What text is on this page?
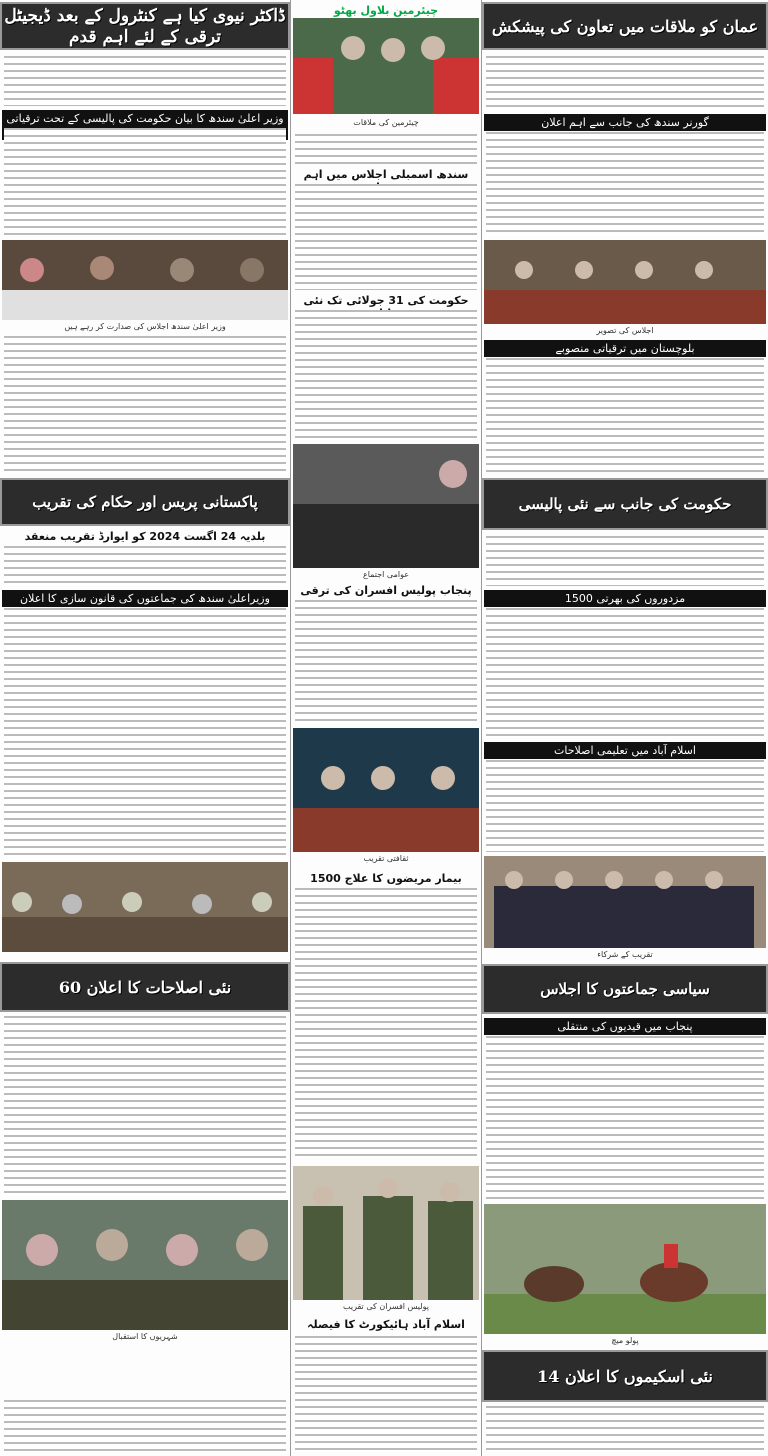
ڈاکٹر نیوی کیا ہے کنٹرول کے بعد ڈیجیٹل ترقی کے لئے اہم قدم
وزیر اعلیٰ سندھ کا بیان حکومت کی پالیسی کے تحت ترقیاتی
وزیر اعلیٰ سندھ اجلاس کی صدارت کر رہے ہیں
پاکستانی پریس اور حکام کی تقریب
بلدیہ 24 اگست 2024 کو ایوارڈ تقریب منعقد
وزیراعلیٰ سندھ کی جماعتوں کی قانون سازی کا اعلان
60 نئی اصلاحات کا اعلان
شہریوں کا استقبال
چیئرمین بلاول بھٹو
چیئرمین کی ملاقات
سندھ اسمبلی اجلاس میں اہم
حکومت کی 31 جولائی تک نئی
عوامی اجتماع
پنجاب پولیس افسران کی ترقی
ثقافتی تقریب
1500 بیمار مریضوں کا علاج
پولیس افسران کی تقریب
اسلام آباد ہائیکورٹ کا فیصلہ
عمان کو ملاقات میں تعاون کی پیشکش
گورنر سندھ کی جانب سے اہم اعلان
اجلاس کی تصویر
بلوچستان میں ترقیاتی منصوبے
حکومت کی جانب سے نئی پالیسی
1500 مزدوروں کی بھرتی
اسلام آباد میں تعلیمی اصلاحات
تقریب کے شرکاء
سیاسی جماعتوں کا اجلاس
پنجاب میں قیدیوں کی منتقلی
پولو میچ
14 نئی اسکیموں کا اعلان
